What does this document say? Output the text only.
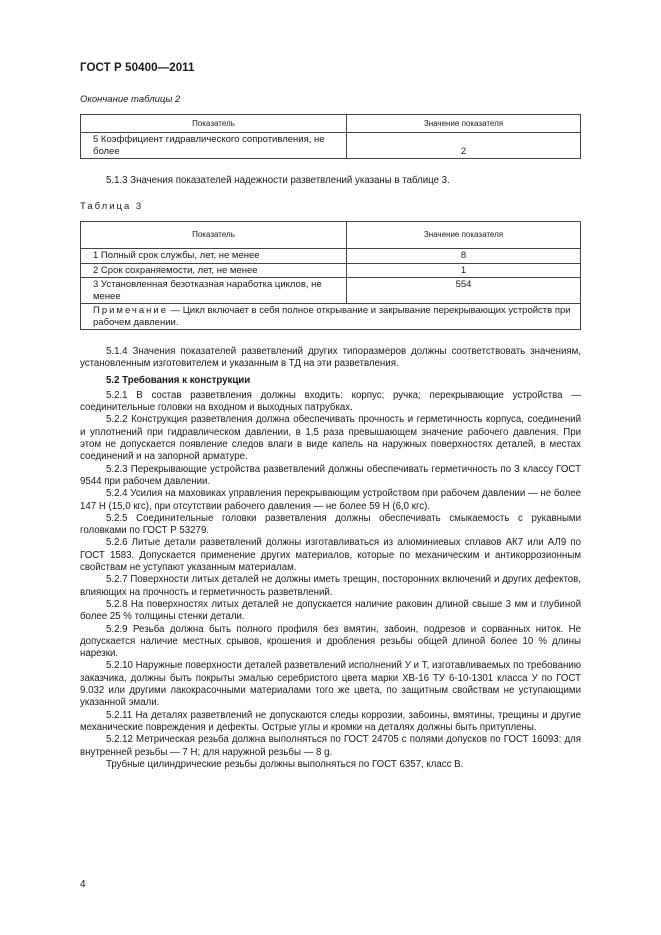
ГОСТ Р 50400—2011
Окончание таблицы 2
Показатель	Значение показателя
5 Коэффициент гидравлического сопротивления, не более	2

5.1.3 Значения показателей надежности разветвлений указаны в таблице 3.

Таблица 3
Показатель	Значение показателя
1 Полный срок службы, лет, не менее	8
2 Срок сохраняемости, лет, не менее	1
3 Установленная безотказная наработка циклов, не менее	554
Примечание — Цикл включает в себя полное открывание и закрывание перекрывающих устройств при рабочем давлении.	

5.1.4 Значения показателей разветвлений других типоразмеров должны соответствовать значениям, установленным изготовителем и указанным в ТД на эти разветвления.

5.2 Требования к конструкции

5.2.1 В состав разветвления должны входить: корпус; ручка; перекрывающие устройства — соединительные головки на входном и выходных патрубках.

5.2.2 Конструкция разветвления должна обеспечивать прочность и герметичность корпуса, соединений и уплотнений при гидравлическом давлении, в 1,5 раза превышающем значение рабочего давления. При этом не допускается появление следов влаги в виде капель на наружных поверхностях деталей, в местах соединений и на запорной арматуре.

5.2.3 Перекрывающие устройства разветвлений должны обеспечивать герметичность по 3 классу ГОСТ 9544 при рабочем давлении.

5.2.4 Усилия на маховиках управления перекрывающим устройством при рабочем давлении — не более 147 Н (15,0 кгс), при отсутствии рабочего давления — не более 59 Н (6,0 кгс).

5.2.5 Соединительные головки разветвления должны обеспечивать смыкаемость с рукавными головками по ГОСТ Р 53279.

5.2.6 Литые детали разветвлений должны изготавливаться из алюминиевых сплавов АК7 или АЛ9 по ГОСТ 1583. Допускается применение других материалов, которые по механическим и антикоррозионным свойствам не уступают указанным материалам.

5.2.7 Поверхности литых деталей не должны иметь трещин, посторонних включений и других дефектов, влияющих на прочность и герметичность разветвлений.

5.2.8 На поверхностях литых деталей не допускается наличие раковин длиной свыше 3 мм и глубиной более 25 % толщины стенки детали.

5.2.9 Резьба должна быть полного профиля без вмятин, забоин, подрезов и сорванных ниток. Не допускается наличие местных срывов, крошения и дробления резьбы общей длиной более 10 % длины нарезки.

5.2.10 Наружные поверхности деталей разветвлений исполнений У и Т, изготавливаемых по требованию заказчика, должны быть покрыты эмалью серебристого цвета марки ХВ-16 ТУ 6-10-1301 класса У по ГОСТ 9.032 или другими лакокрасочными материалами того же цвета, по защитным свойствам не уступающими указанной эмали.

5.2.11 На деталях разветвлений не допускаются следы коррозии, забоины, вмятины, трещины и другие механические повреждения и дефекты. Острые углы и кромки на деталях должны быть притуплены.

5.2.12 Метрическая резьба должна выполняться по ГОСТ 24705 с полями допусков по ГОСТ 16093: для внутренней резьбы — 7 Н; для наружной резьбы — 8 g.

Трубные цилиндрические резьбы должны выполняться по ГОСТ 6357, класс В.

4
